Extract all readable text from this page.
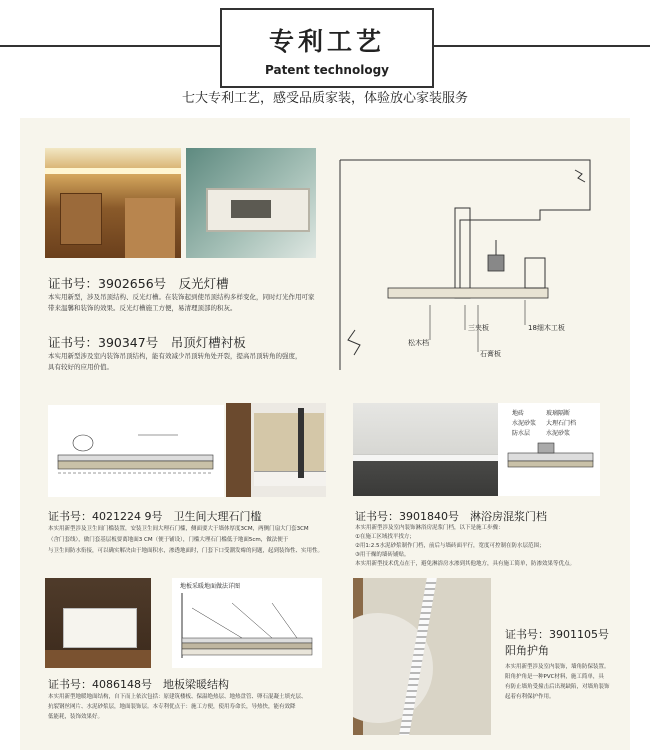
专利工艺
Patent technology
七大专利工艺，感受品质家装，体验放心家装服务
三夹板	18细木工板
松木档
石膏板
证书号：3902656号　反光灯槽
本实用新型，涉及吊顶结构、反光灯槽。在装饰起到使吊顶结构多样变化，同时灯光作用可家
带来温馨和装饰的效果。反光灯槽施工方便，易清理顶部的积灰。
证书号：390347号　吊顶灯槽衬板
本实用新型涉及室内装饰吊顶结构，能有效减少吊顶转角处开裂，提高吊顶转角的强度，
具有较好的应用价值。
证书号：4021224 9号　卫生间大理石门槛
本实用新型涉及卫生间门槛装置，安装卫生间大理石门槛，侧面要大于墙体厚度3CM，两侧门扇大门套3CM
（含门套线），做门套基层板要离地面3 CM（便于铺设），门槛大理石门槛低于地面5cm，做法便于
与卫生间防水衔接，可以确实解决由于地面积水，渗透地面时，门套下口受潮发霉的问题，起到装饰性、实用性。
地砖	玻璃隔断
水泥砂浆 大理石门档
防水层	水泥砂浆
证书号：3901840号　淋浴房混浆门档
本实用新型涉及室内装饰淋浴房泥浆门档，以下是施工步骤：
①在施工区域找平找方；
②用1:2.5水泥砂浆制作门档，前后与墙砖面平行，宽度可控制在防水层范围；
③用干燥的墙砖铺贴。
本实用新型技术优点在于，避免淋浴房水渗到其他地方，具有施工简单，防渗效果等优点。
地板采暖地面做法详图
证书号：4086148号　地板梁暖结构
本实用新型地暖地面结构，自下而上依次包括：原建筑楼板、保温绝热层、地热盘管、卵石混凝土填充层、
抗裂钢丝网片、水泥砂浆层，地面装饰层。本专利优点于：施工方便，使用寿命长，导热快，能有效降
低能耗，装饰效果好。
证书号：3901105号
阳角护角
本实用新型涉及室内装饰，墙角防保装置。
阳角护角是一种PVC材料，施工简单，具
有防止墙角受撞击后出现缺陷，对墙角装饰
起着有利保护作用。
